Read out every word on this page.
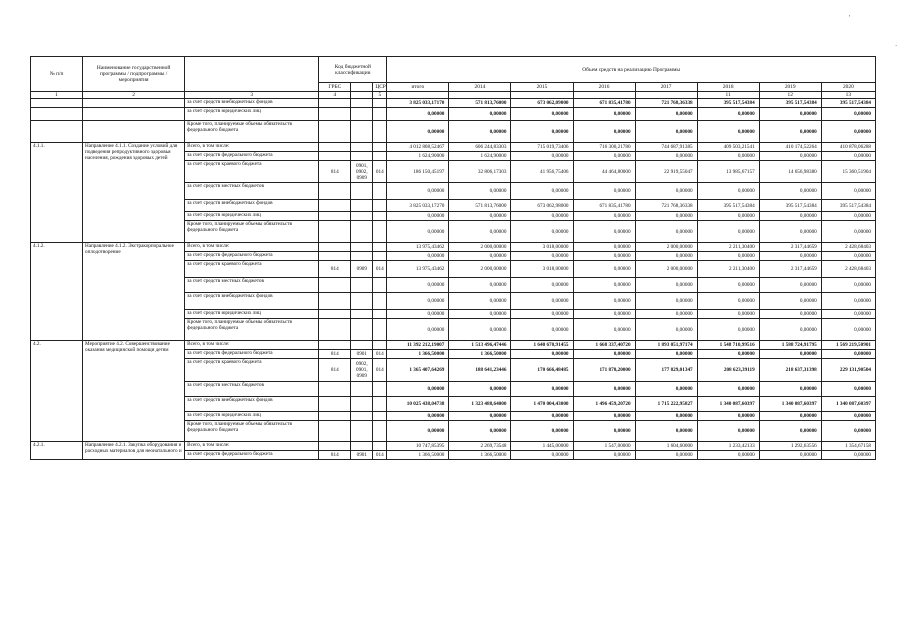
'
`
№ п/п	Наименование государственной программы / подпрограммы / мероприятия		Код бюджетной классификации			Объем средств на реализацию Программы							
			ГРБС		ЦСР	итого	2014	2015	2016	2017	2018	2019	2020
1	2	3	4		5						11	12	13
		за счет средств внебюджетных фондов				3 825 033,17170	571 813,76000	673 062,09000	671 835,41780	721 768,36338	395 517,54384	395 517,54384	395 517,54384
		за счет средств юридических лиц				0,00000	0,00000	0,00000	0,00000	0,00000	0,00000	0,00000	0,00000
		Кроме того, планируемые объемы обязательств федерального бюджета				0,00000	0,00000	0,00000	0,00000	0,00000	0,00000	0,00000	0,00000
4.1.1.	Направление 4.1.1. Создание условий для подведения репродуктивного здоровья населения, рождения здоровых детей	Всего, в том числе:				4 012 808,52467	606 244,83303	715 019,73406	716 300,21780	744 687,91385	409 503,21541	410 174,52264	410 878,06288
		за счет средств федерального бюджета				1 624,90000	1 624,90000	0,00000	0,00000	0,00000	0,00000	0,00000	0,00000
		за счет средств краевого бюджета	814	0901, 0902, 0909	014	186 150,45197	32 806,17303	41 956,75406	44 464,80000	22 919,55047	13 985,67157	14 656,98380	15 360,51904
		за счет средств местных бюджетов				0,00000	0,00000	0,00000	0,00000	0,00000	0,00000	0,00000	0,00000
		за счет средств внебюджетных фондов				3 825 033,17270	571 813,76000	673 062,98000	671 835,41780	721 768,36338	395 517,54384	395 517,54384	395 517,54384
		за счет средств юридических лиц				0,00000	0,00000	0,00000	0,00000	0,00000	0,00000	0,00000	0,00000
		Кроме того, планируемые объемы обязательств федерального бюджета				0,00000	0,00000	0,00000	0,00000	0,00000	0,00000	0,00000	0,00000
4.1.2.	Направление 4.1.2. Экстракорпоральное оплодотворение	Всего, в том числе:				13 975,43462	2 000,00000	3 018,00000	0,00000	2 000,00000	2 211,30400	2 317,44659	2 428,68403
		за счет средств федерального бюджета				0,00000	0,00000	0,00000	0,00000	0,00000	0,00000	0,00000	0,00000
		за счет средств краевого бюджета	814	0909	014	13 975,43462	2 000,00000	3 018,00000	0,00000	2 000,00000	2 211,30400	2 317,44659	2 428,68403
		за счет средств местных бюджетов				0,00000	0,00000	0,00000	0,00000	0,00000	0,00000	0,00000	0,00000
		за счет средств внебюджетных фондов				0,00000	0,00000	0,00000	0,00000	0,00000	0,00000	0,00000	0,00000
		за счет средств юридических лиц				0,00000	0,00000	0,00000	0,00000	0,00000	0,00000	0,00000	0,00000
		Кроме того, планируемые объемы обязательств федерального бюджета				0,00000	0,00000	0,00000	0,00000	0,00000	0,00000	0,00000	0,00000
4.2.	Мероприятие 4.2. Совершенствование оказания медицинской помощи детям	Всего, в том числе:				11 392 212,19007	1 513 496,47446	1 640 670,91455	1 668 337,40720	1 893 051,97174	1 548 710,99516	1 588 724,91795	1 569 219,50901
		за счет средств федерального бюджета	814	0901	014	1 366,50000	1 366,50000	0,00000	0,00000	0,00000	0,00000	0,00000	0,00000
		за счет средств краевого бюджета	814	0902, 0901, 0909	014	1 365 407,64269	188 641,23446	170 666,48485	171 878,20000	177 829,01347	208 623,39119	218 637,31398	229 131,90504
		за счет средств местных бюджетов				0,00000	0,00000	0,00000	0,00000	0,00000	0,00000	0,00000	0,00000
		за счет средств внебюджетных фондов				10 025 438,04738	1 323 488,64000	1 470 004,43000	1 496 459,20720	1 715 222,95827	1 340 087,60397	1 340 087,60397	1 340 087,60397
		за счет средств юридических лиц				0,00000	0,00000	0,00000	0,00000	0,00000	0,00000	0,00000	0,00000
		Кроме того, планируемые объемы обязательств федерального бюджета				0,00000	0,00000	0,00000	0,00000	0,00000	0,00000	0,00000	0,00000
4.2.1.	Направление 4.2.1. Закупка оборудования и расходных материалов для неонатального и	Всего, в том числе:				10 747,85395	2 269,73548	1 445,00000	1 547,00000	1 604,60000	1 233,42133	1 292,63556	1 354,67158
		за счет средств федерального бюджета	814	0901	014	1 366,50000	1 366,50000	0,00000	0,00000	0,00000	0,00000	0,00000	0,00000
